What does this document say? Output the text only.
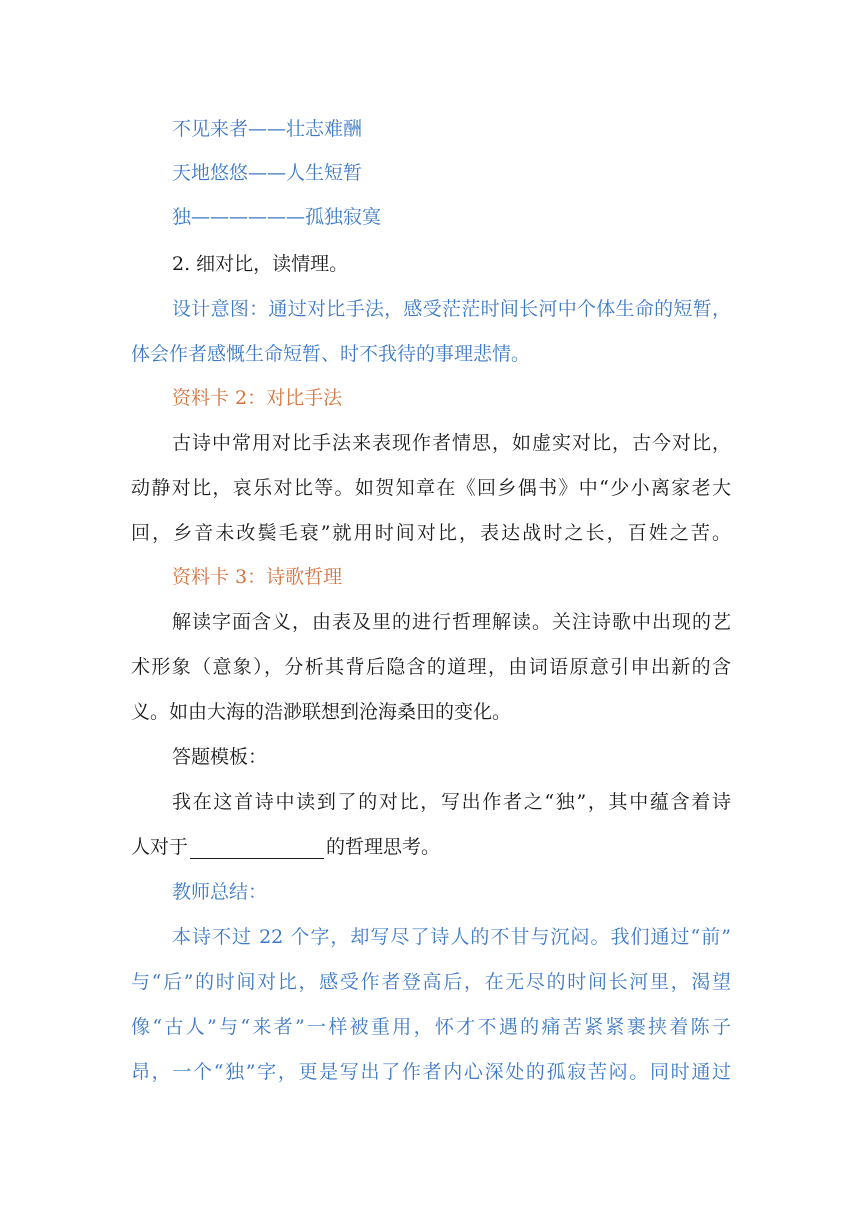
不见来者——壮志难酬
天地悠悠——人生短暂
独——————孤独寂寞
2. 细对比，读情理。
设计意图：通过对比手法，感受茫茫时间长河中个体生命的短暂，
体会作者感慨生命短暂、时不我待的事理悲情。
资料卡 2：对比手法
古诗中常用对比手法来表现作者情思，如虚实对比，古今对比，
动静对比，哀乐对比等。如贺知章在《回乡偶书》中“少小离家老大
回，乡音未改鬓毛衰”就用时间对比，表达战时之长，百姓之苦。
资料卡 3：诗歌哲理
解读字面含义，由表及里的进行哲理解读。关注诗歌中出现的艺
术形象（意象），分析其背后隐含的道理，由词语原意引申出新的含
义。如由大海的浩渺联想到沧海桑田的变化。
答题模板：
我在这首诗中读到了的对比，写出作者之“独”，其中蕴含着诗
人对于	的哲理思考。
教师总结：
本诗不过 22 个字，却写尽了诗人的不甘与沉闷。我们通过“前”
与“后”的时间对比，感受作者登高后，在无尽的时间长河里，渴望
像“古人”与“来者”一样被重用，怀才不遇的痛苦紧紧裹挟着陈子
昂，一个“独”字，更是写出了作者内心深处的孤寂苦闷。同时通过
